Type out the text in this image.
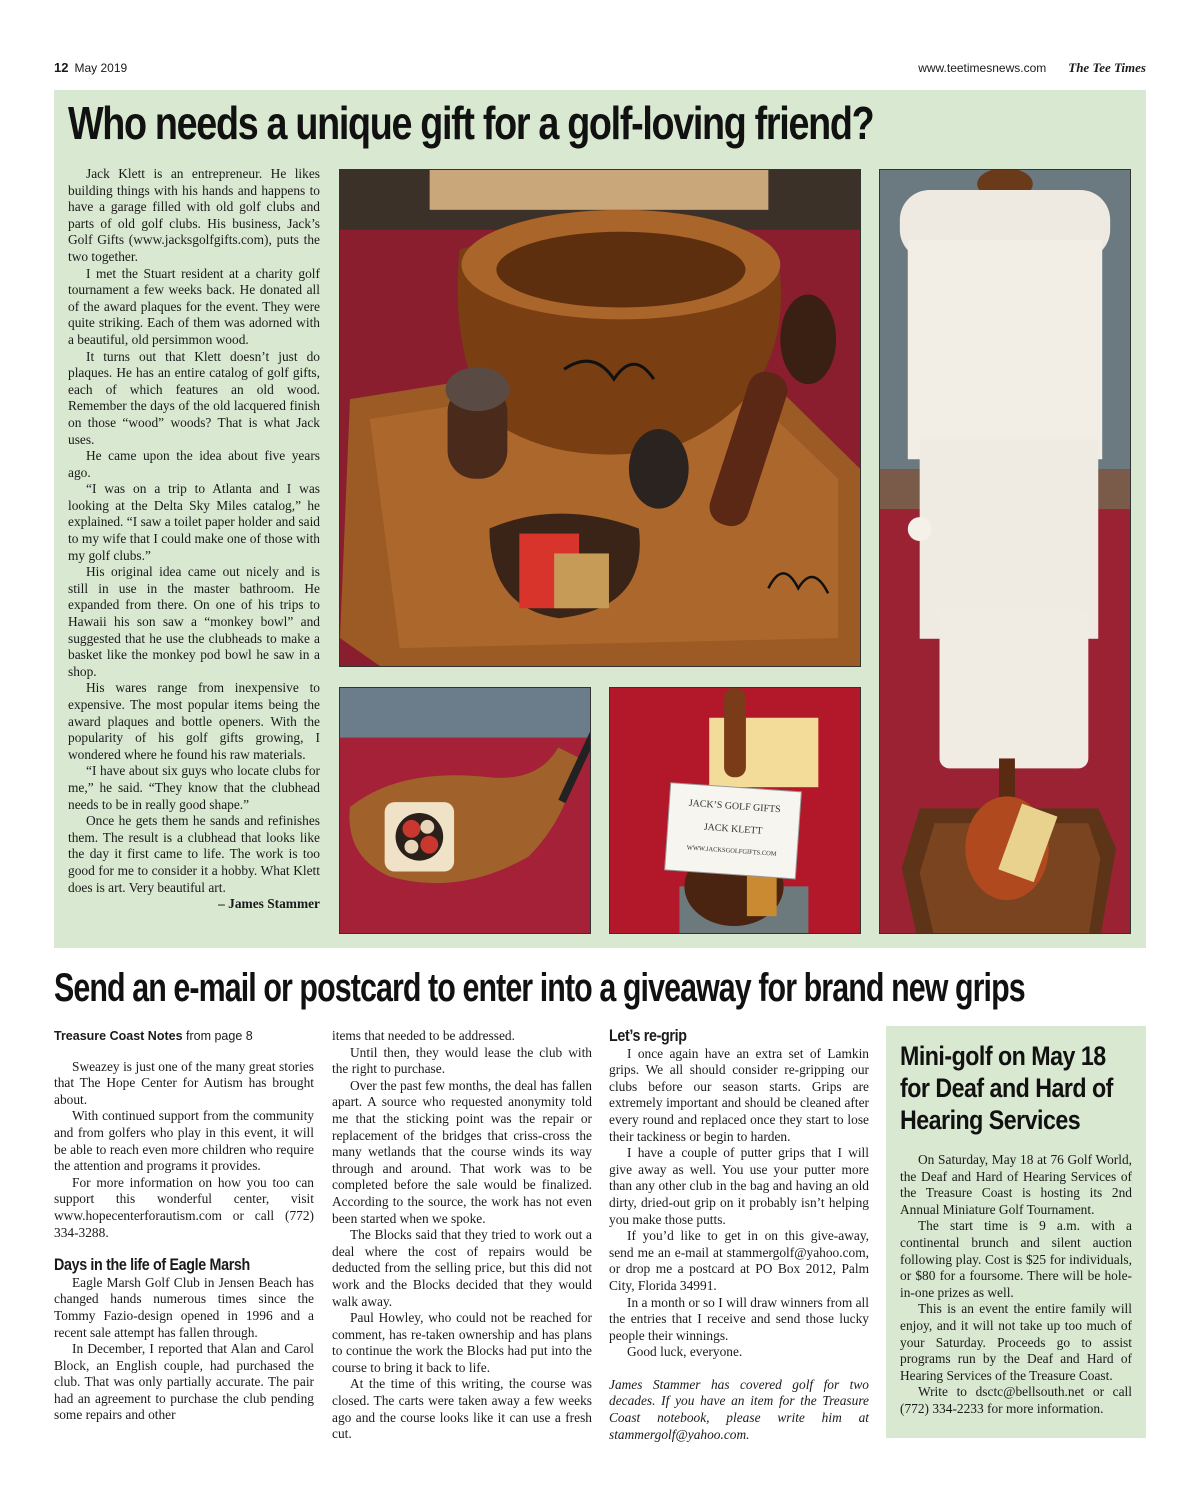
12 May 2019	www.teetimesnews.com The Tee Times
Who needs a unique gift for a golf-loving friend?

Jack Klett is an entrepreneur. He likes building things with his hands and happens to have a garage filled with old golf clubs and parts of old golf clubs. His business, Jack’s Golf Gifts (www.jacksgolfgifts.com), puts the two together.

I met the Stuart resident at a charity golf tournament a few weeks back. He donated all of the award plaques for the event. They were quite striking. Each of them was adorned with a beautiful, old persimmon wood.

It turns out that Klett doesn’t just do plaques. He has an entire catalog of golf gifts, each of which features an old wood. Remember the days of the old lacquered finish on those “wood” woods? That is what Jack uses.

He came upon the idea about five years ago.

“I was on a trip to Atlanta and I was looking at the Delta Sky Miles catalog,” he explained. “I saw a toilet paper holder and said to my wife that I could make one of those with my golf clubs.”

His original idea came out nicely and is still in use in the master bathroom. He expanded from there. On one of his trips to Hawaii his son saw a “monkey bowl” and suggested that he use the clubheads to make a basket like the monkey pod bowl he saw in a shop.

His wares range from inexpensive to expensive. The most popular items being the award plaques and bottle openers. With the popularity of his golf gifts growing, I wondered where he found his raw materials.

“I have about six guys who locate clubs for me,” he said. “They know that the clubhead needs to be in really good shape.”

Once he gets them he sands and refinishes them. The result is a clubhead that looks like the day it first came to life. The work is too good for me to consider it a hobby. What Klett does is art. Very beautiful art.

– James Stammer

JACK’S GOLF GIFTS
JACK KLETT
WWW.JACKSGOLFGIFTS.COM
Send an e-mail or postcard to enter into a giveaway for brand new grips
Treasure Coast Notes from page 8

Sweazey is just one of the many great stories that The Hope Center for Autism has brought about.

With continued support from the community and from golfers who play in this event, it will be able to reach even more children who require the attention and programs it provides.

For more information on how you too can support this wonderful center, visit www.hopecenterforautism.com or call (772) 334-3288.

Days in the life of Eagle Marsh

Eagle Marsh Golf Club in Jensen Beach has changed hands numerous times since the Tommy Fazio-design opened in 1996 and a recent sale attempt has fallen through.

In December, I reported that Alan and Carol Block, an English couple, had purchased the club. That was only partially accurate. The pair had an agreement to purchase the club pending some repairs and other

items that needed to be addressed.

Until then, they would lease the club with the right to purchase.

Over the past few months, the deal has fallen apart. A source who requested anonymity told me that the sticking point was the repair or replacement of the bridges that criss-cross the many wetlands that the course winds its way through and around. That work was to be completed before the sale would be finalized. According to the source, the work has not even been started when we spoke.

The Blocks said that they tried to work out a deal where the cost of repairs would be deducted from the selling price, but this did not work and the Blocks decided that they would walk away.

Paul Howley, who could not be reached for comment, has re-taken ownership and has plans to continue the work the Blocks had put into the course to bring it back to life.

At the time of this writing, the course was closed. The carts were taken away a few weeks ago and the course looks like it can use a fresh cut.

Let’s re-grip

I once again have an extra set of Lamkin grips. We all should consider re-gripping our clubs before our season starts. Grips are extremely important and should be cleaned after every round and replaced once they start to lose their tackiness or begin to harden.

I have a couple of putter grips that I will give away as well. You use your putter more than any other club in the bag and having an old dirty, dried-out grip on it probably isn’t helping you make those putts.

If you’d like to get in on this give-away, send me an e-mail at stammergolf@yahoo.com, or drop me a postcard at PO Box 2012, Palm City, Florida 34991.

In a month or so I will draw winners from all the entries that I receive and send those lucky people their winnings.

Good luck, everyone.

James Stammer has covered golf for two decades. If you have an item for the Treasure Coast notebook, please write him at stammergolf@yahoo.com.

Mini-golf on May 18 for Deaf and Hard of Hearing Services

On Saturday, May 18 at 76 Golf World, the Deaf and Hard of Hearing Services of the Treasure Coast is hosting its 2nd Annual Miniature Golf Tournament.

The start time is 9 a.m. with a continental brunch and silent auction following play. Cost is $25 for individuals, or $80 for a foursome. There will be hole-in-one prizes as well.

This is an event the entire family will enjoy, and it will not take up too much of your Saturday. Proceeds go to assist programs run by the Deaf and Hard of Hearing Services of the Treasure Coast.

Write to dsctc@bellsouth.net or call (772) 334-2233 for more information.
